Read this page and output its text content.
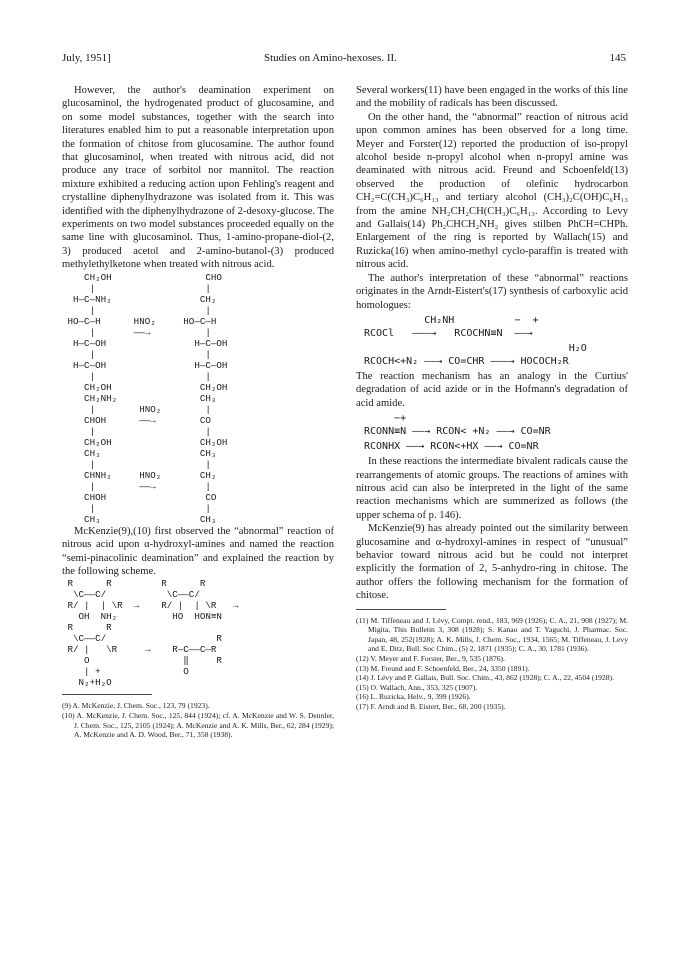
July, 1951]	Studies on Amino-hexoses. II.	145

However, the author's deamination experiment on glucosaminol, the hydrogenated product of glucosamine, and on some model substances, together with the search into literatures enabled him to put a reasonable interpretation upon the formation of chitose from glucosamine. The author found that glucosaminol, when treated with nitrous acid, did not produce any trace of sorbitol nor mannitol. The reaction mixture exhibited a reducing action upon Fehling's reagent and crystalline diphenylhydrazone was isolated from it. This was identified with the diphenylhydrazone of 2-desoxy-glucose. The experiments on two model substances proceeded equally on the same line with glucosaminol. Thus, 1-amino-propane-diol-(2, 3) produced acetol and 2-amino-butanol-(3) produced methylethylketone when treated with nitrous acid.

CH₂OH                 CHO
|                    |
H—C—NH₂                CH₂
|                    |
HO—C—H      HNO₂     HO—C—H
|       ——→          |
H—C—OH                H—C—OH
|                    |
H—C—OH                H—C—OH
|                    |
CH₂OH                CH₂OH
CH₂NH₂               CH₃
|        HNO₂        |
CHOH      ——→        CO
|                    |
CH₂OH                CH₂OH
CH₃                  CH₃
|                    |
CHNH₂     HNO₂       CH₂
|        ——→         |
CHOH                  CO
|                    |
CH₃                  CH₃

McKenzie(9),(10) first observed the “abnormal” reaction of nitrous acid upon α-hydroxyl-amines and named the reaction “semi-pinacolinic deamination” and explained the reaction by the following scheme.

R      R         R      R
\C——C/           \C——C/
R/ |  | \R  →    R/ |  | \R   →
OH  NH₂          HO  HON≡N
R      R
\C——C/                    R
R/ |   \R     →    R—C——C—R
O                 ‖     R
| +               O
N₂+H₂O

(9) A. McKenzie, J. Chem. Soc., 123, 79 (1923).

(10) A. McKenzie, J. Chem. Soc., 125, 844 (1924); cf. A. McKenzie and W. S. Dennler, J. Chem. Soc., 125, 2105 (1924); A. McKenzie and A. K. Mills, Ber., 62, 284 (1929); A. McKenzie and A. D. Wood, Ber., 71, 358 (1938).

Several workers(11) have been engaged in the works of this line and the mobility of radicals has been discussed.

On the other hand, the “abnormal” reaction of nitrous acid upon common amines has been observed for a long time. Meyer and Forster(12) reported the production of iso-propyl alcohol beside n-propyl alcohol when n-propyl amine was deaminated with nitrous acid. Freund and Schoenfeld(13) observed the production of olefinic hydrocarbon CH₂=C(CH₃)C₆H₁₃ and tertiary alcohol (CH₃)₂C(OH)C₆H₁₃ from the amine NH₂CH₂CH(CH₃)C₆H₁₃. According to Levy and Gallais(14) Ph₂CHCH₂NH₂ gives stilben PhCH=CHPh. Enlargement of the ring is reported by Wallach(15) and Ruzicka(16) when amino-methyl cyclo-paraffin is treated with nitrous acid.

The author's interpretation of these “abnormal” reactions originates in the Arndt-Eistert's(17) synthesis of carboxylic acid homologues:

CH₂NH          −  +
RCOCl   ———→   RCOCHN≡N  ——→
H₂O
RCOCH<+N₂ ——→ CO=CHR ———→ HOCOCH₂R

The reaction mechanism has an analogy in the Curtius' degradation of acid azide or in the Hofmann's degradation of acid amide.

−+
RCONN≡N ——→ RCON< +N₂ ——→ CO=NR
RCONHX ——→ RCON<+HX ——→ CO=NR

In these reactions the intermediate bivalent radicals cause the rearrangements of atomic groups. The reactions of amines with nitrous acid can also be interpreted in the light of the same reaction mechanisms which are summerized as follows (the upper schema of p. 146).

McKenzie(9) has already pointed out the similarity between glucosamine and α-hydroxyl-amines in respect of “unusual” behavior toward nitrous acid but he could not interpret explicitly the formation of 2, 5-anhydro-ring in chitose. The author offers the following mechanism for the formation of chitose.

(11) M. Tiffeneau and J. Lévy, Compt. rend., 183, 969 (1926); C. A., 21, 908 (1927); M. Migita, This Bulletin 3, 308 (1928); S. Kanao and T. Yaguchi, J. Pharmac. Soc. Japan, 48, 252(1928); A. K. Mills, J. Chem. Soc., 1934, 1565; M. Tiffeneau, J. Levy and E. Ditz, Bull. Soc Chim., (5) 2, 1871 (1935); C. A., 30, 1781 (1936).

(12) V. Meyer and F. Forster, Ber., 9, 535 (1876).

(13) M. Freund and F. Schoenfeld, Ber., 24, 3350 (1891).

(14) J. Lévy and P. Gallais, Bull. Soc. Chim., 43, 862 (1928); C. A., 22, 4504 (1928).

(15) O. Wallach, Ann., 353, 325 (1907).

(16) L. Ruzicka, Helv., 9, 399 (1926).

(17) F. Arndt and B. Eistert, Ber., 68, 200 (1935).
